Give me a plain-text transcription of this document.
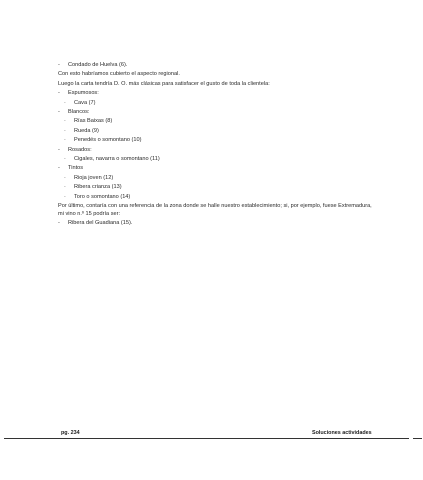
- Condado de Huelva (6).
Con esto habríamos cubierto el aspecto regional.
Luego la carta tendría D. O. más clásicas para satisfacer el gusto de toda la clientela:
- Espumosos:
· Cava (7)
- Blancos:
· Rías Baixas (8)
· Rueda (9)
· Penedés o somontano (10)
- Rosados:
· Cigales, navarra o somontano (11)
- Tintos
· Rioja joven (12)
· Ribera crianza (13)
· Toro o somontano (14)
Por último, contaría con una referencia de la zona donde se halle nuestro establecimiento; si, por ejemplo, fuese Extremadura, mi vino n.º 15 podría ser:
- Ribera del Guadiana (15).
pg. 234	Soluciones actividades
